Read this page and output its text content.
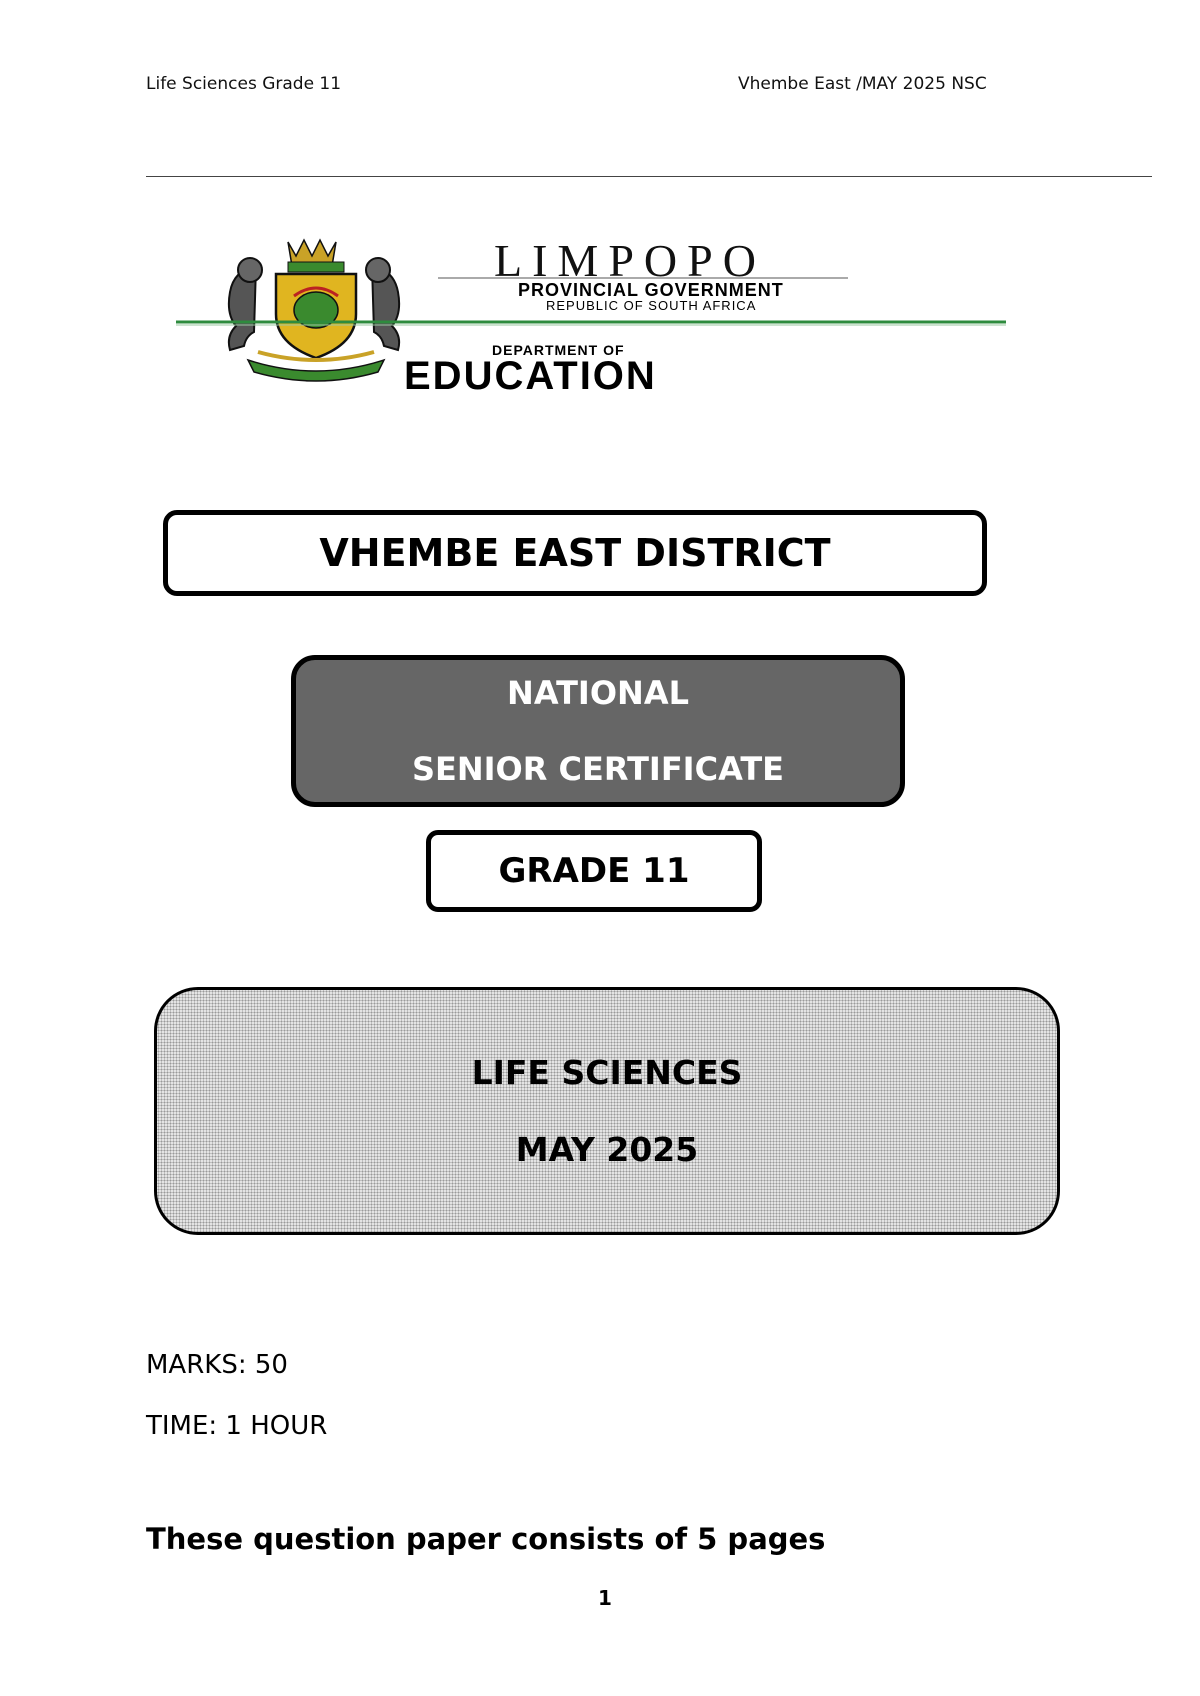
Life Sciences Grade 11	Vhembe East /MAY 2025 NSC
LIMPOPO
PROVINCIAL GOVERNMENT
REPUBLIC OF SOUTH AFRICA
DEPARTMENT OF
EDUCATION
VHEMBE EAST DISTRICT
NATIONAL
SENIOR CERTIFICATE
GRADE 11
LIFE SCIENCES
MAY 2025
MARKS: 50
TIME: 1 HOUR
These question paper consists of 5 pages
1
